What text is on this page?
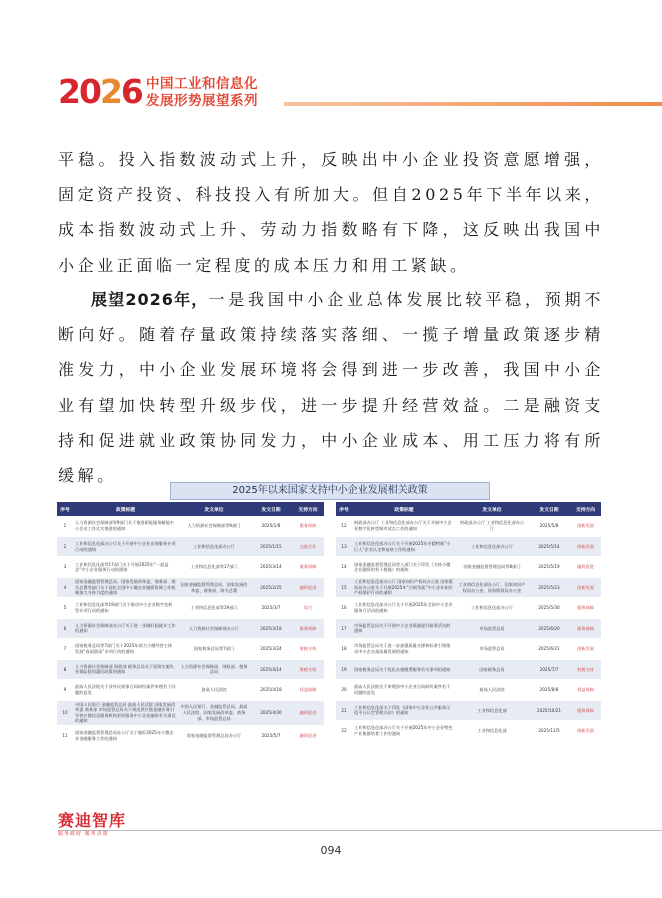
2026 中国工业和信息化
发展形势展望系列
平稳。投入指数波动式上升，反映出中小企业投资意愿增强，固定资产投资、科技投入有所加大。但自2025年下半年以来，成本指数波动式上升、劳动力指数略有下降，这反映出我国中小企业正面临一定程度的成本压力和用工紧缺。
展望2026年，一是我国中小企业总体发展比较平稳，预期不断向好。随着存量政策持续落实落细、一揽子增量政策逐步精准发力，中小企业发展环境将会得到进一步改善，我国中小企业有望加快转型升级步伐，进一步提升经营效益。二是融资支持和促进就业政策协同发力，中小企业成本、用工压力将有所缓解。
2025年以来国家支持中小企业发展相关政策
序号	政策标题	发文单位	发文日期	支持方向
1	人力资源社会保障部等9部门关于推进职能服务赋能中小企业工作扎实推进的通知	人力资源社会保障部等9部门	2025/1/8	服务保障
2	工业和信息化部办公厅关于开展中小企业出海服务专项行动的通知	工业和信息化部办公厅	2025/1/15	交流合作
3	工业和信息化部等17部门关于开展2025年“一起益企”中小企业服务行动的通知	工业和信息化部等17部门	2025/3/14	服务保障
4	国家金融监督管理总局、国家发展改革委、商务部、海关总署等部门关于深化全国中小微企业融资协调工作机制加大支持力度的通知	国家金融监督管理总局、国家发展改革委、商务部、海关总署	2025/2/25	融资促进
5	工业和信息化部等19部门关于推动中小企业数字化转型专项行动的通知	工业和信息化部等19部门	2025/3/7	综合
6	人力资源社会保障部办公厅关于进一步做好稳就业工作的通知	人力资源社会保障部办公厅	2025/3/18	服务保障
7	国家税务总局等7部门关于2025年助力小微经营主体发展“春雨润苗”专项行动的通知	国家税务总局等7部门	2025/3/24	财税支持
8	人力资源社会保障部 财政部 税务总局关于延续实施失业保险稳岗惠民政策的通知	人力资源社会保障部、财政部、税务总局	2025/4/14	财税支持
9	最高人民法院关于涉外民商事合同纠纷案件审理若干问题的意见	最高人民法院	2025/4/18	权益保障
10	中国人民银行 金融监管总局 最高人民法院 国家发展改革委 商务部 市场监管总局关于规范供应链金融业务引导供应链信息服务机构更好服务中小企业融资有关事宜的通知	中国人民银行、金融监管总局、最高人民法院、国家发展改革委、商务部、市场监管总局	2025/4/30	融资促进
11	国家金融监督管理总局办公厅关于做好2025年小微企业金融服务工作的通知	国家金融监督管理总局办公厅	2025/5/7	融资促进
序号	政策标题	发文单位	发文日期	支持方向
12	财政部办公厅 工业和信息化部办公厅关于开展中小企业数字化转型城市试点工作的通知	财政部办公厅 工业和信息化部办公厅	2025/5/8	创新发展
13	工业和信息化部办公厅关于开展2025年专精特新“小巨人”企业认定和复核工作的通知	工业和信息化部办公厅	2025/5/14	创新发展
14	国家金融监督管理总局等八部门关于印发《支持小微企业融资的若干措施》的通知	国家金融监督管理总局等8部门	2025/5/19	融资促进
15	工业和信息化部办公厅 国家知识产权局办公室 国家版权局办公室关于开展2025年“百舸争流”中小企业知识产权保护行动的通知	工业和信息化部办公厅、国家知识产权局办公室、国家版权局办公室	2025/5/23	创新发展
16	工业和信息化部办公厅关于开展2025年全国中小企业服务月活动的通知	工业和信息化部办公厅	2025/5/30	服务保障
17	市场监管总局关于开展中小企业质量提升服务活动的通知	市场监管总局	2025/6/20	服务保障
18	市场监管总局关于进一步加强质量支撑和标准引领推动中小企业高质量发展的通知	市场监管总局	2025/6/21	创新发展
19	国家税务总局关于优化办税缴费服务有关事项的通知	国家税务总局	2025/7/7	财税支持
20	最高人民法院关于审理涉中小企业合同纠纷案件若干问题的意见	最高人民法院	2025/8/8	权益保障
21	工业和信息化部关于印发《国家中小企业公共服务示范平台认定管理办法》的通知	工业和信息化部	2025/10/21	服务保障
22	工业和信息化部办公厅关于开展2025年中小企业特色产业集群培育工作的通知	工业和信息化部	2025/11/5	创新发展
赛迪智库
服务政府 服务决策
094
